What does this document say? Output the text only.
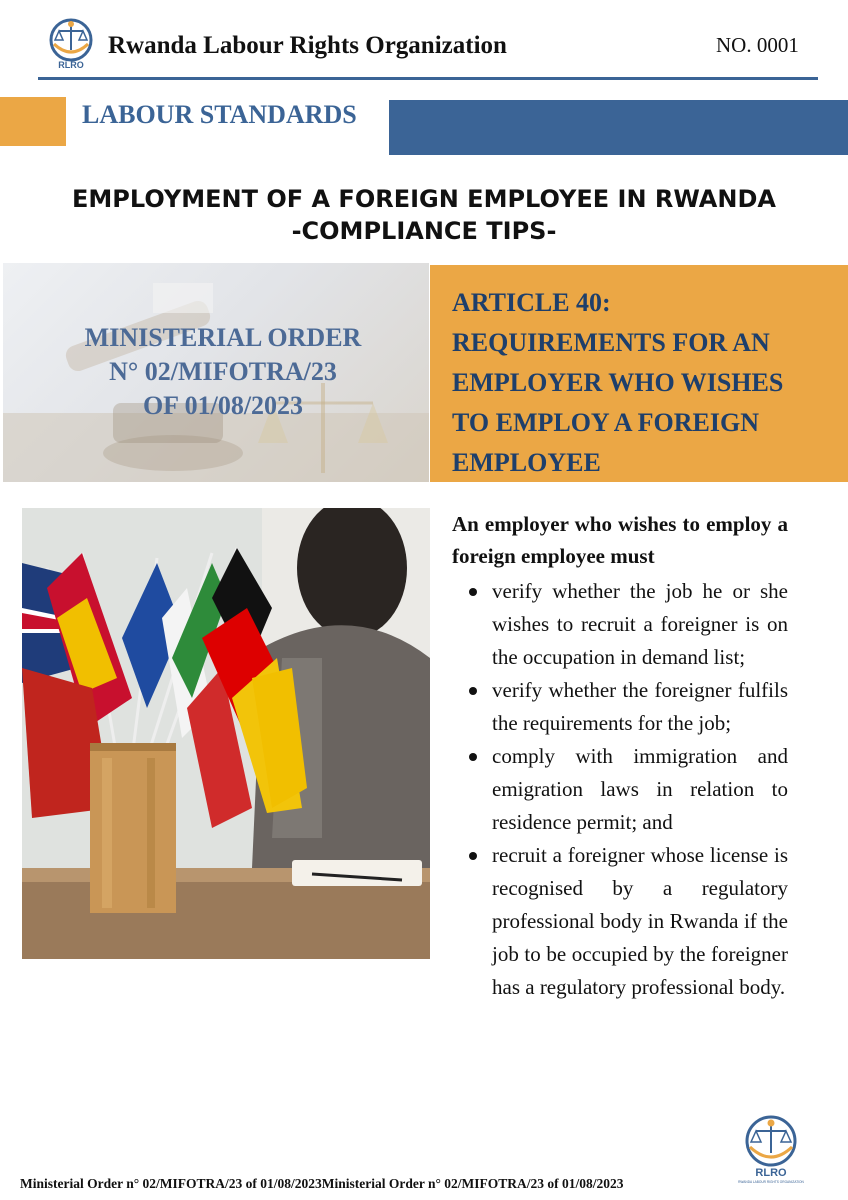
RLRO
Rwanda Labour Rights Organization	NO. 0001
LABOUR STANDARDS
EMPLOYMENT OF A FOREIGN EMPLOYEE IN RWANDA
-COMPLIANCE TIPS-
MINISTERIAL ORDER
N° 02/MIFOTRA/23
OF 01/08/2023
ARTICLE 40:
REQUIREMENTS FOR AN
EMPLOYER WHO WISHES
TO EMPLOY A FOREIGN
EMPLOYEE
An employer who wishes to employ a foreign employee must
verify whether the job he or she wishes to recruit a foreigner is on the occupation in demand list;
verify whether the foreigner fulfils the requirements for the job;
comply with immigration and emigration laws in relation to residence permit; and
recruit a foreigner whose license is recognised by a regulatory professional body in Rwanda if the job to be occupied by the foreigner has a regulatory professional body.
RLRO
RWANDA LABOUR RIGHTS ORGANIZATION
Ministerial Order n° 02/MIFOTRA/23 of 01/08/2023Ministerial Order n° 02/MIFOTRA/23 of 01/08/2023
